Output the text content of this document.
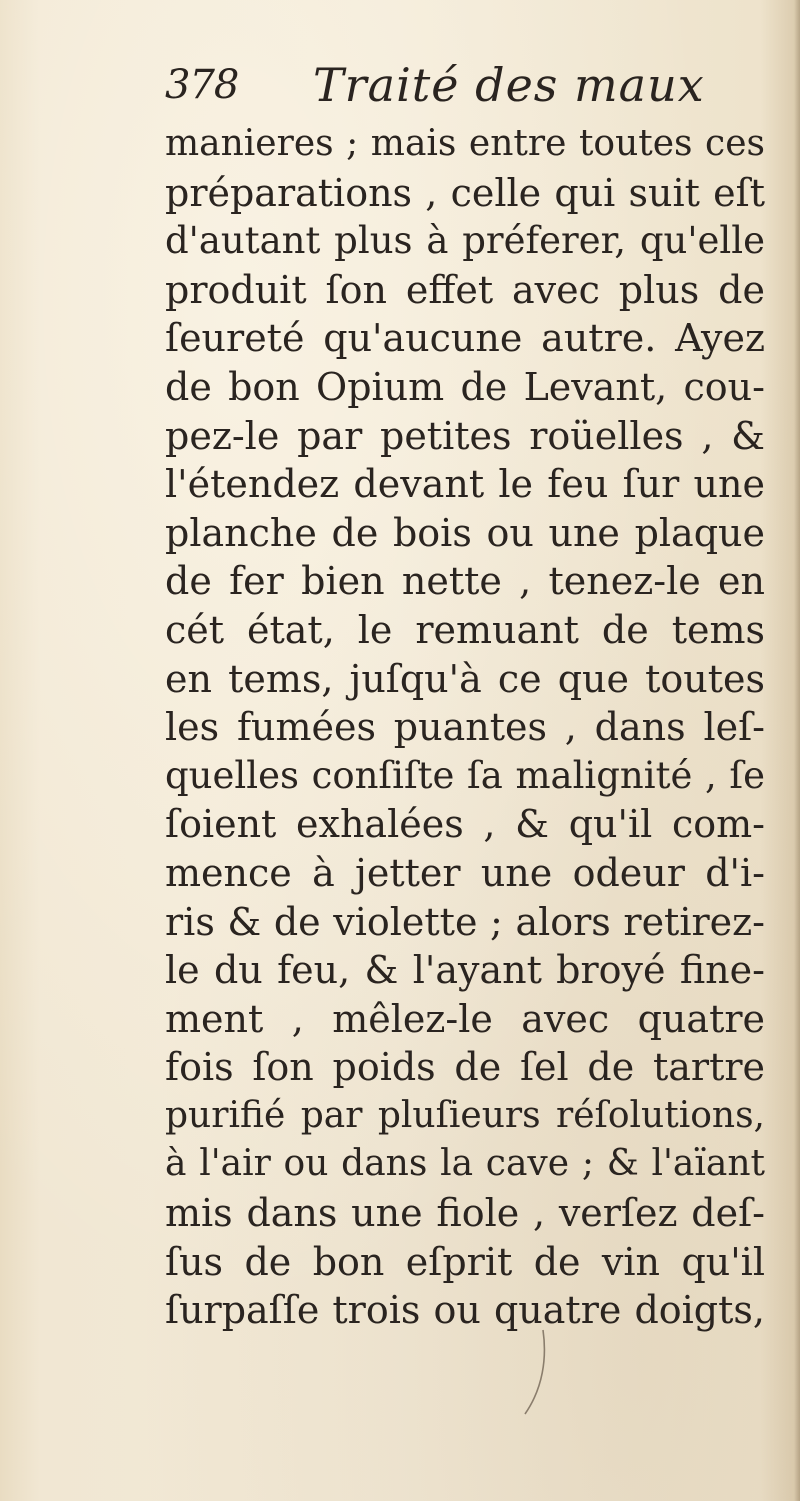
378 Traité des maux
manieres ; mais entre toutes ces
préparations , celle qui suit eſt
d'autant plus à préferer, qu'elle
produit ſon effet avec plus de
ſeureté qu'aucune autre. Ayez
de bon Opium de Levant, cou-
pez-le par petites roüelles , &
l'étendez devant le feu ſur une
planche de bois ou une plaque
de fer bien nette , tenez-le en
cét état, le remuant de tems
en tems, juſqu'à ce que toutes
les fumées puantes , dans leſ-
quelles conſiſte ſa malignité , ſe
ſoient exhalées , & qu'il com-
mence à jetter une odeur d'i-
ris & de violette ; alors retirez-
le du feu, & l'ayant broyé fine-
ment , mêlez-le avec quatre
fois ſon poids de ſel de tartre
purifié par pluſieurs réſolutions,
à l'air ou dans la cave ; & l'aïant
mis dans une fiole , verſez deſ-
ſus de bon eſprit de vin qu'il
ſurpaſſe trois ou quatre doigts,
